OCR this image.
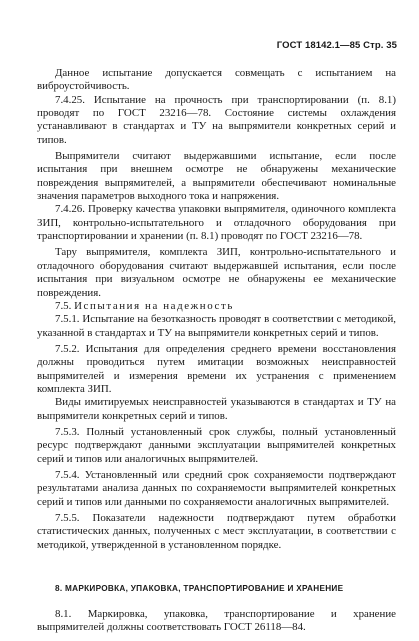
ГОСТ 18142.1—85 Стр. 35

Данное испытание допускается совмещать с испытанием на виброустойчивость.

7.4.25. Испытание на прочность при транспортировании (п. 8.1) проводят по ГОСТ 23216—78. Состояние системы охлаждения устанавливают в стандартах и ТУ на выпрямители конкретных серий и типов.

Выпрямители считают выдержавшими испытание, если после испытания при внешнем осмотре не обнаружены механические повреждения выпрямителей, а выпрямители обеспечивают номинальные значения параметров выходного тока и напряжения.

7.4.26. Проверку качества упаковки выпрямителя, одиночного комплекта ЗИП, контрольно-испытательного и отладочного оборудования при транспортировании и хранении (п. 8.1) проводят по ГОСТ 23216—78.

Тару выпрямителя, комплекта ЗИП, контрольно-испытательного и отладочного оборудования считают выдержавшей испытания, если после испытания при визуальном осмотре не обнаружены ее механические повреждения.

7.5. Испытания на надежность

7.5.1. Испытание на безотказность проводят в соответствии с методикой, указанной в стандартах и ТУ на выпрямители конкретных серий и типов.

7.5.2. Испытания для определения среднего времени восстановления должны проводиться путем имитации возможных неисправностей выпрямителей и измерения времени их устранения с применением комплекта ЗИП.

Виды имитируемых неисправностей указываются в стандартах и ТУ на выпрямители конкретных серий и типов.

7.5.3. Полный установленный срок службы, полный установленный ресурс подтверждают данными эксплуатации выпрямителей конкретных серий и типов или аналогичных выпрямителей.

7.5.4. Установленный или средний срок сохраняемости подтверждают результатами анализа данных по сохраняемости выпрямителей конкретных серий и типов или данными по сохраняемости аналогичных выпрямителей.

7.5.5. Показатели надежности подтверждают путем обработки статистических данных, полученных с мест эксплуатации, в соответствии с методикой, утвержденной в установленном порядке.

8. МАРКИРОВКА, УПАКОВКА, ТРАНСПОРТИРОВАНИЕ И ХРАНЕНИЕ

8.1. Маркировка, упаковка, транспортирование и хранение выпрямителей должны соответствовать ГОСТ 26118—84.
